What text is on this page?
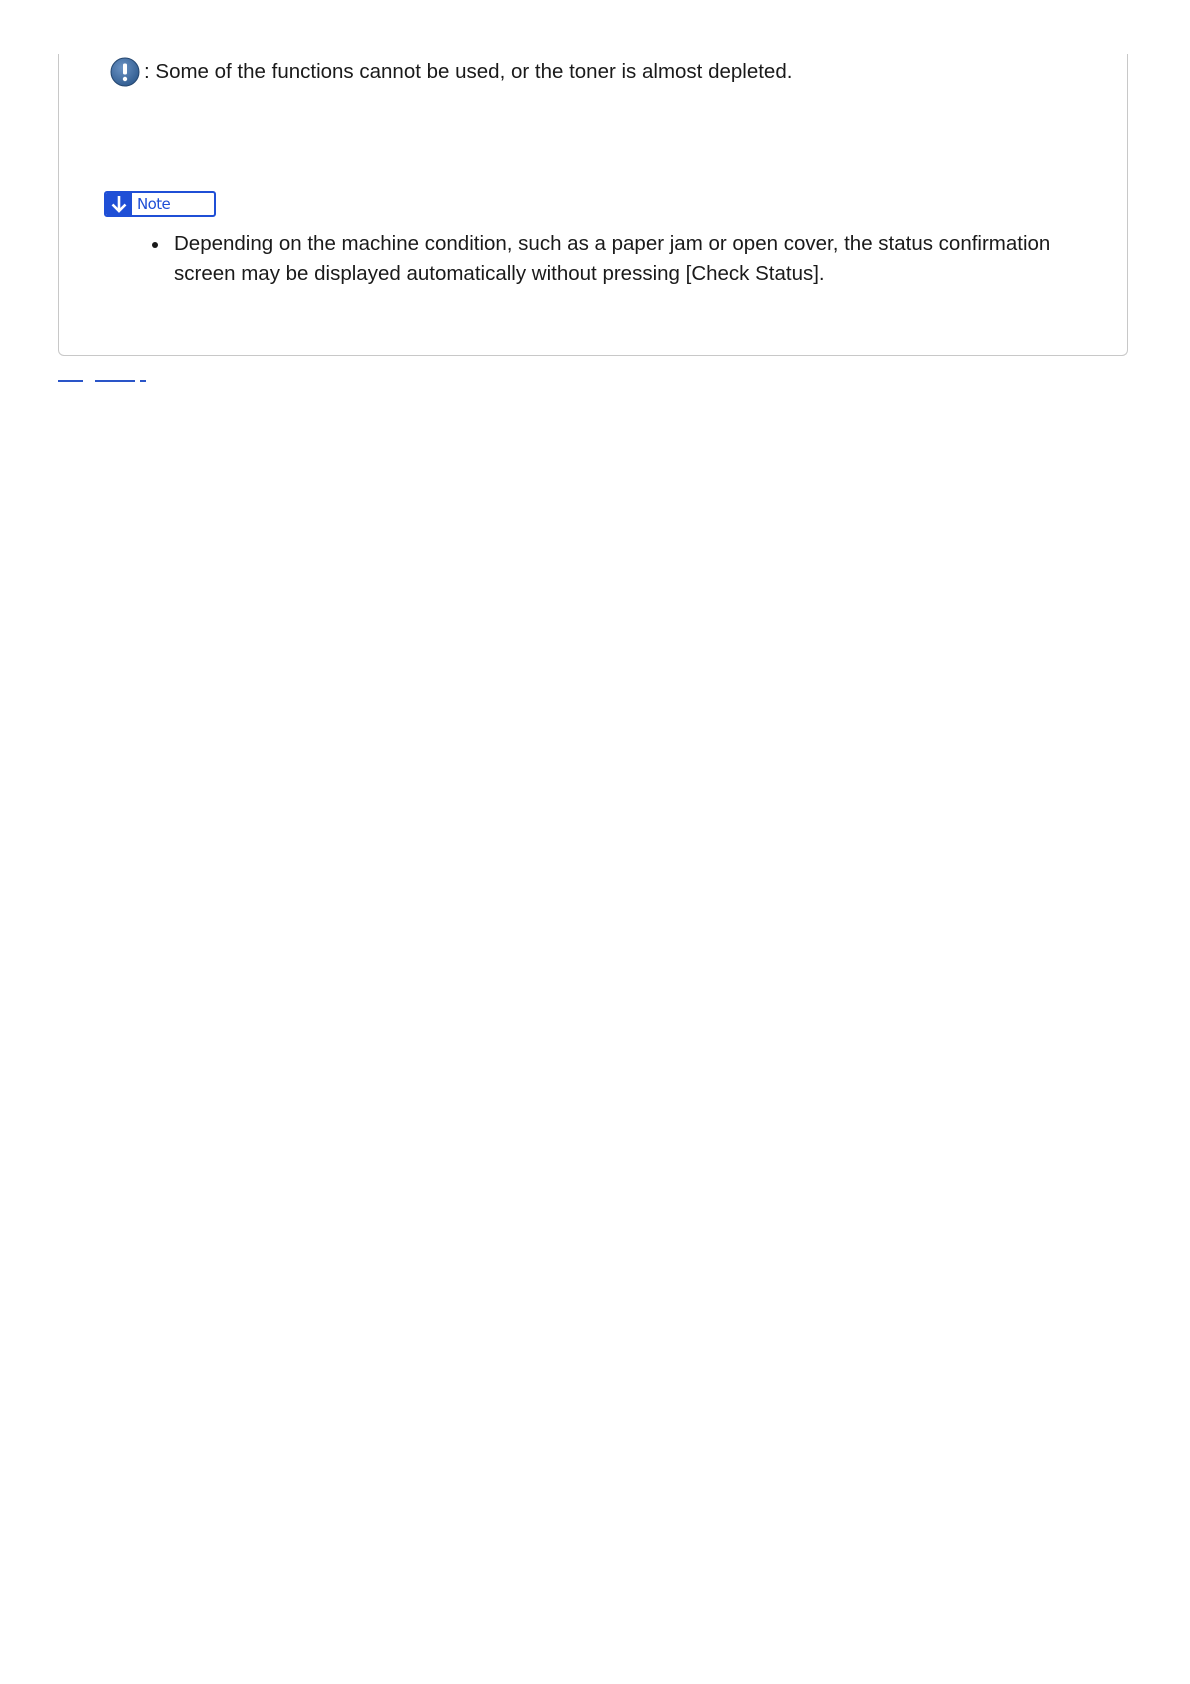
: Some of the functions cannot be used, or the toner is almost depleted.
Note
Depending on the machine condition, such as a paper jam or open cover, the status confirmation screen may be displayed automatically without pressing [Check Status].
